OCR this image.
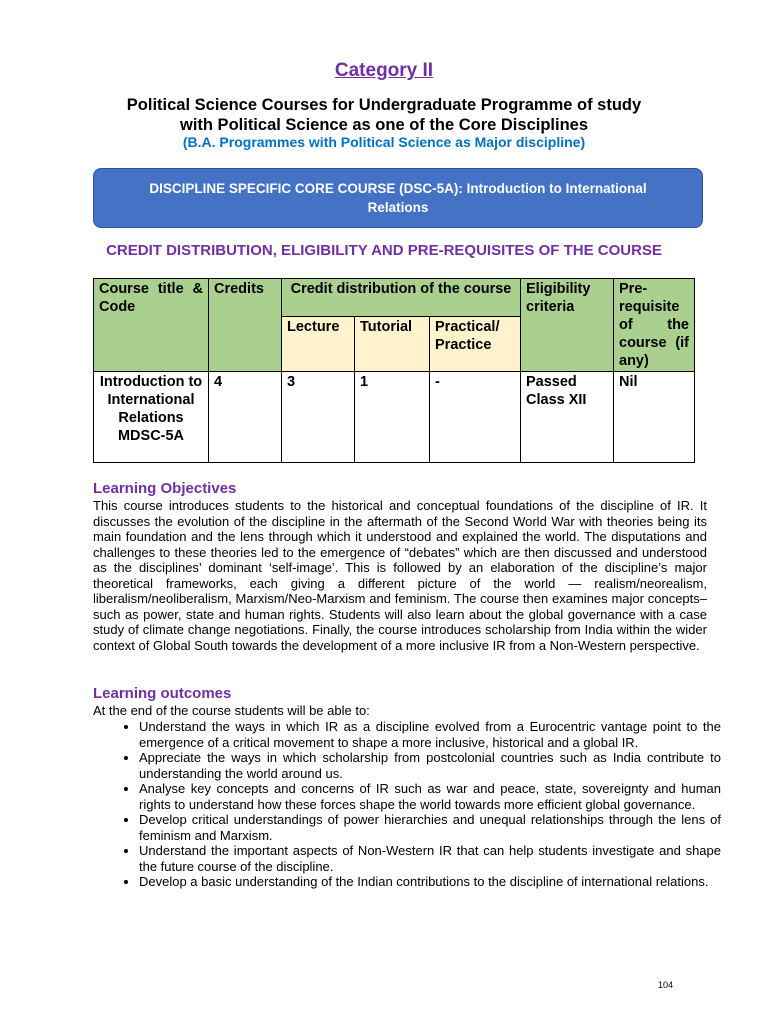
Category II
Political Science Courses for Undergraduate Programme of study
with Political Science as one of the Core Disciplines
(B.A. Programmes with Political Science as Major discipline)
DISCIPLINE SPECIFIC CORE COURSE (DSC-5A): Introduction to International Relations
CREDIT DISTRIBUTION, ELIGIBILITY AND PRE-REQUISITES OF THE COURSE
Course title & Code	Credits	Credit distribution of the course			Eligibility criteria	Pre-requisite of the course (if any)
		Lecture	Tutorial	Practical/ Practice		
Introduction to International Relations MDSC-5A	4	3	1	-	Passed Class XII	Nil
Learning Objectives

This course introduces students to the historical and conceptual foundations of the discipline of IR. It discusses the evolution of the discipline in the aftermath of the Second World War with theories being its main foundation and the lens through which it understood and explained the world. The disputations and challenges to these theories led to the emergence of “debates” which are then discussed and understood as the disciplines’ dominant ‘self-image’. This is followed by an elaboration of the discipline’s major theoretical frameworks, each giving a different picture of the world — realism/neorealism, liberalism/neoliberalism, Marxism/Neo-Marxism and feminism. The course then examines major concepts–such as power, state and human rights. Students will also learn about the global governance with a case study of climate change negotiations. Finally, the course introduces scholarship from India within the wider context of Global South towards the development of a more inclusive IR from a Non-Western perspective.

Learning outcomes

At the end of the course students will be able to:

• Understand the ways in which IR as a discipline evolved from a Eurocentric vantage point to the emergence of a critical movement to shape a more inclusive, historical and a global IR.
• Appreciate the ways in which scholarship from postcolonial countries such as India contribute to understanding the world around us.
• Analyse key concepts and concerns of IR such as war and peace, state, sovereignty and human rights to understand how these forces shape the world towards more efficient global governance.
• Develop critical understandings of power hierarchies and unequal relationships through the lens of feminism and Marxism.
• Understand the important aspects of Non-Western IR that can help students investigate and shape the future course of the discipline.
• Develop a basic understanding of the Indian contributions to the discipline of international relations.
104
